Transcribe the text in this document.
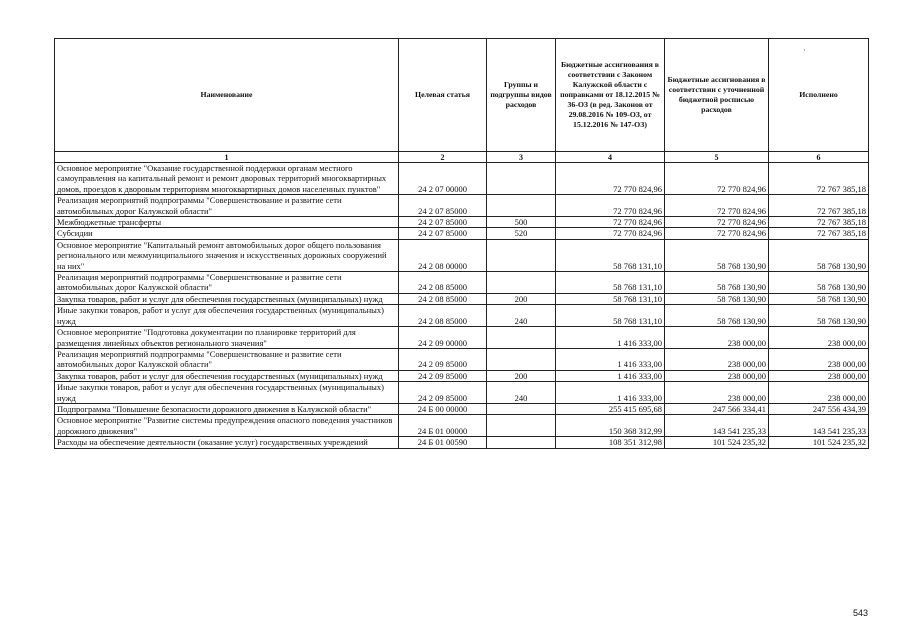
·
Наименование	Целевая статья	Группы и подгруппы видов расходов	Бюджетные ассигнования в соответствии с Законом Калужской области с поправками от 18.12.2015 № 36-ОЗ (в ред. Законов от 29.08.2016 № 109-ОЗ, от 15.12.2016 № 147-ОЗ)	Бюджетные ассигнования в соответствии с уточненной бюджетной росписью расходов	Исполнено
1	2	3	4	5	6
Основное мероприятие "Оказание государственной поддержки органам местного самоуправления на капитальный ремонт и ремонт дворовых территорий многоквартирных домов, проездов к дворовым территориям многоквартирных домов населенных пунктов"	24 2 07 00000		72 770 824,96	72 770 824,96	72 767 385,18
Реализация мероприятий подпрограммы "Совершенствование и развитие сети автомобильных дорог Калужской области"	24 2 07 85000		72 770 824,96	72 770 824,96	72 767 385,18
Межбюджетные трансферты	24 2 07 85000	500	72 770 824,96	72 770 824,96	72 767 385,18
Субсидии	24 2 07 85000	520	72 770 824,96	72 770 824,96	72 767 385,18
Основное мероприятие "Капитальный ремонт автомобильных дорог общего пользования регионального или межмуниципального значения и искусственных дорожных сооружений на них"	24 2 08 00000		58 768 131,10	58 768 130,90	58 768 130,90
Реализация мероприятий подпрограммы "Совершенствование и развитие сети автомобильных дорог Калужской области"	24 2 08 85000		58 768 131,10	58 768 130,90	58 768 130,90
Закупка товаров, работ и услуг для обеспечения государственных (муниципальных) нужд	24 2 08 85000	200	58 768 131,10	58 768 130,90	58 768 130,90
Иные закупки товаров, работ и услуг для обеспечения государственных (муниципальных) нужд	24 2 08 85000	240	58 768 131,10	58 768 130,90	58 768 130,90
Основное мероприятие "Подготовка документации по планировке территорий для размещения линейных объектов регионального значения"	24 2 09 00000		1 416 333,00	238 000,00	238 000,00
Реализация мероприятий подпрограммы "Совершенствование и развитие сети автомобильных дорог Калужской области"	24 2 09 85000		1 416 333,00	238 000,00	238 000,00
Закупка товаров, работ и услуг для обеспечения государственных (муниципальных) нужд	24 2 09 85000	200	1 416 333,00	238 000,00	238 000,00
Иные закупки товаров, работ и услуг для обеспечения государственных (муниципальных) нужд	24 2 09 85000	240	1 416 333,00	238 000,00	238 000,00
Подпрограмма "Повышение безопасности дорожного движения в Калужской области"	24 Б 00 00000		255 415 695,68	247 566 334,41	247 556 434,39
Основное мероприятие "Развитие системы предупреждения опасного поведения участников дорожного движения"	24 Б 01 00000		150 368 312,99	143 541 235,33	143 541 235,33
Расходы на обеспечение деятельности (оказание услуг) государственных учреждений	24 Б 01 00590		108 351 312,98	101 524 235,32	101 524 235,32
543
